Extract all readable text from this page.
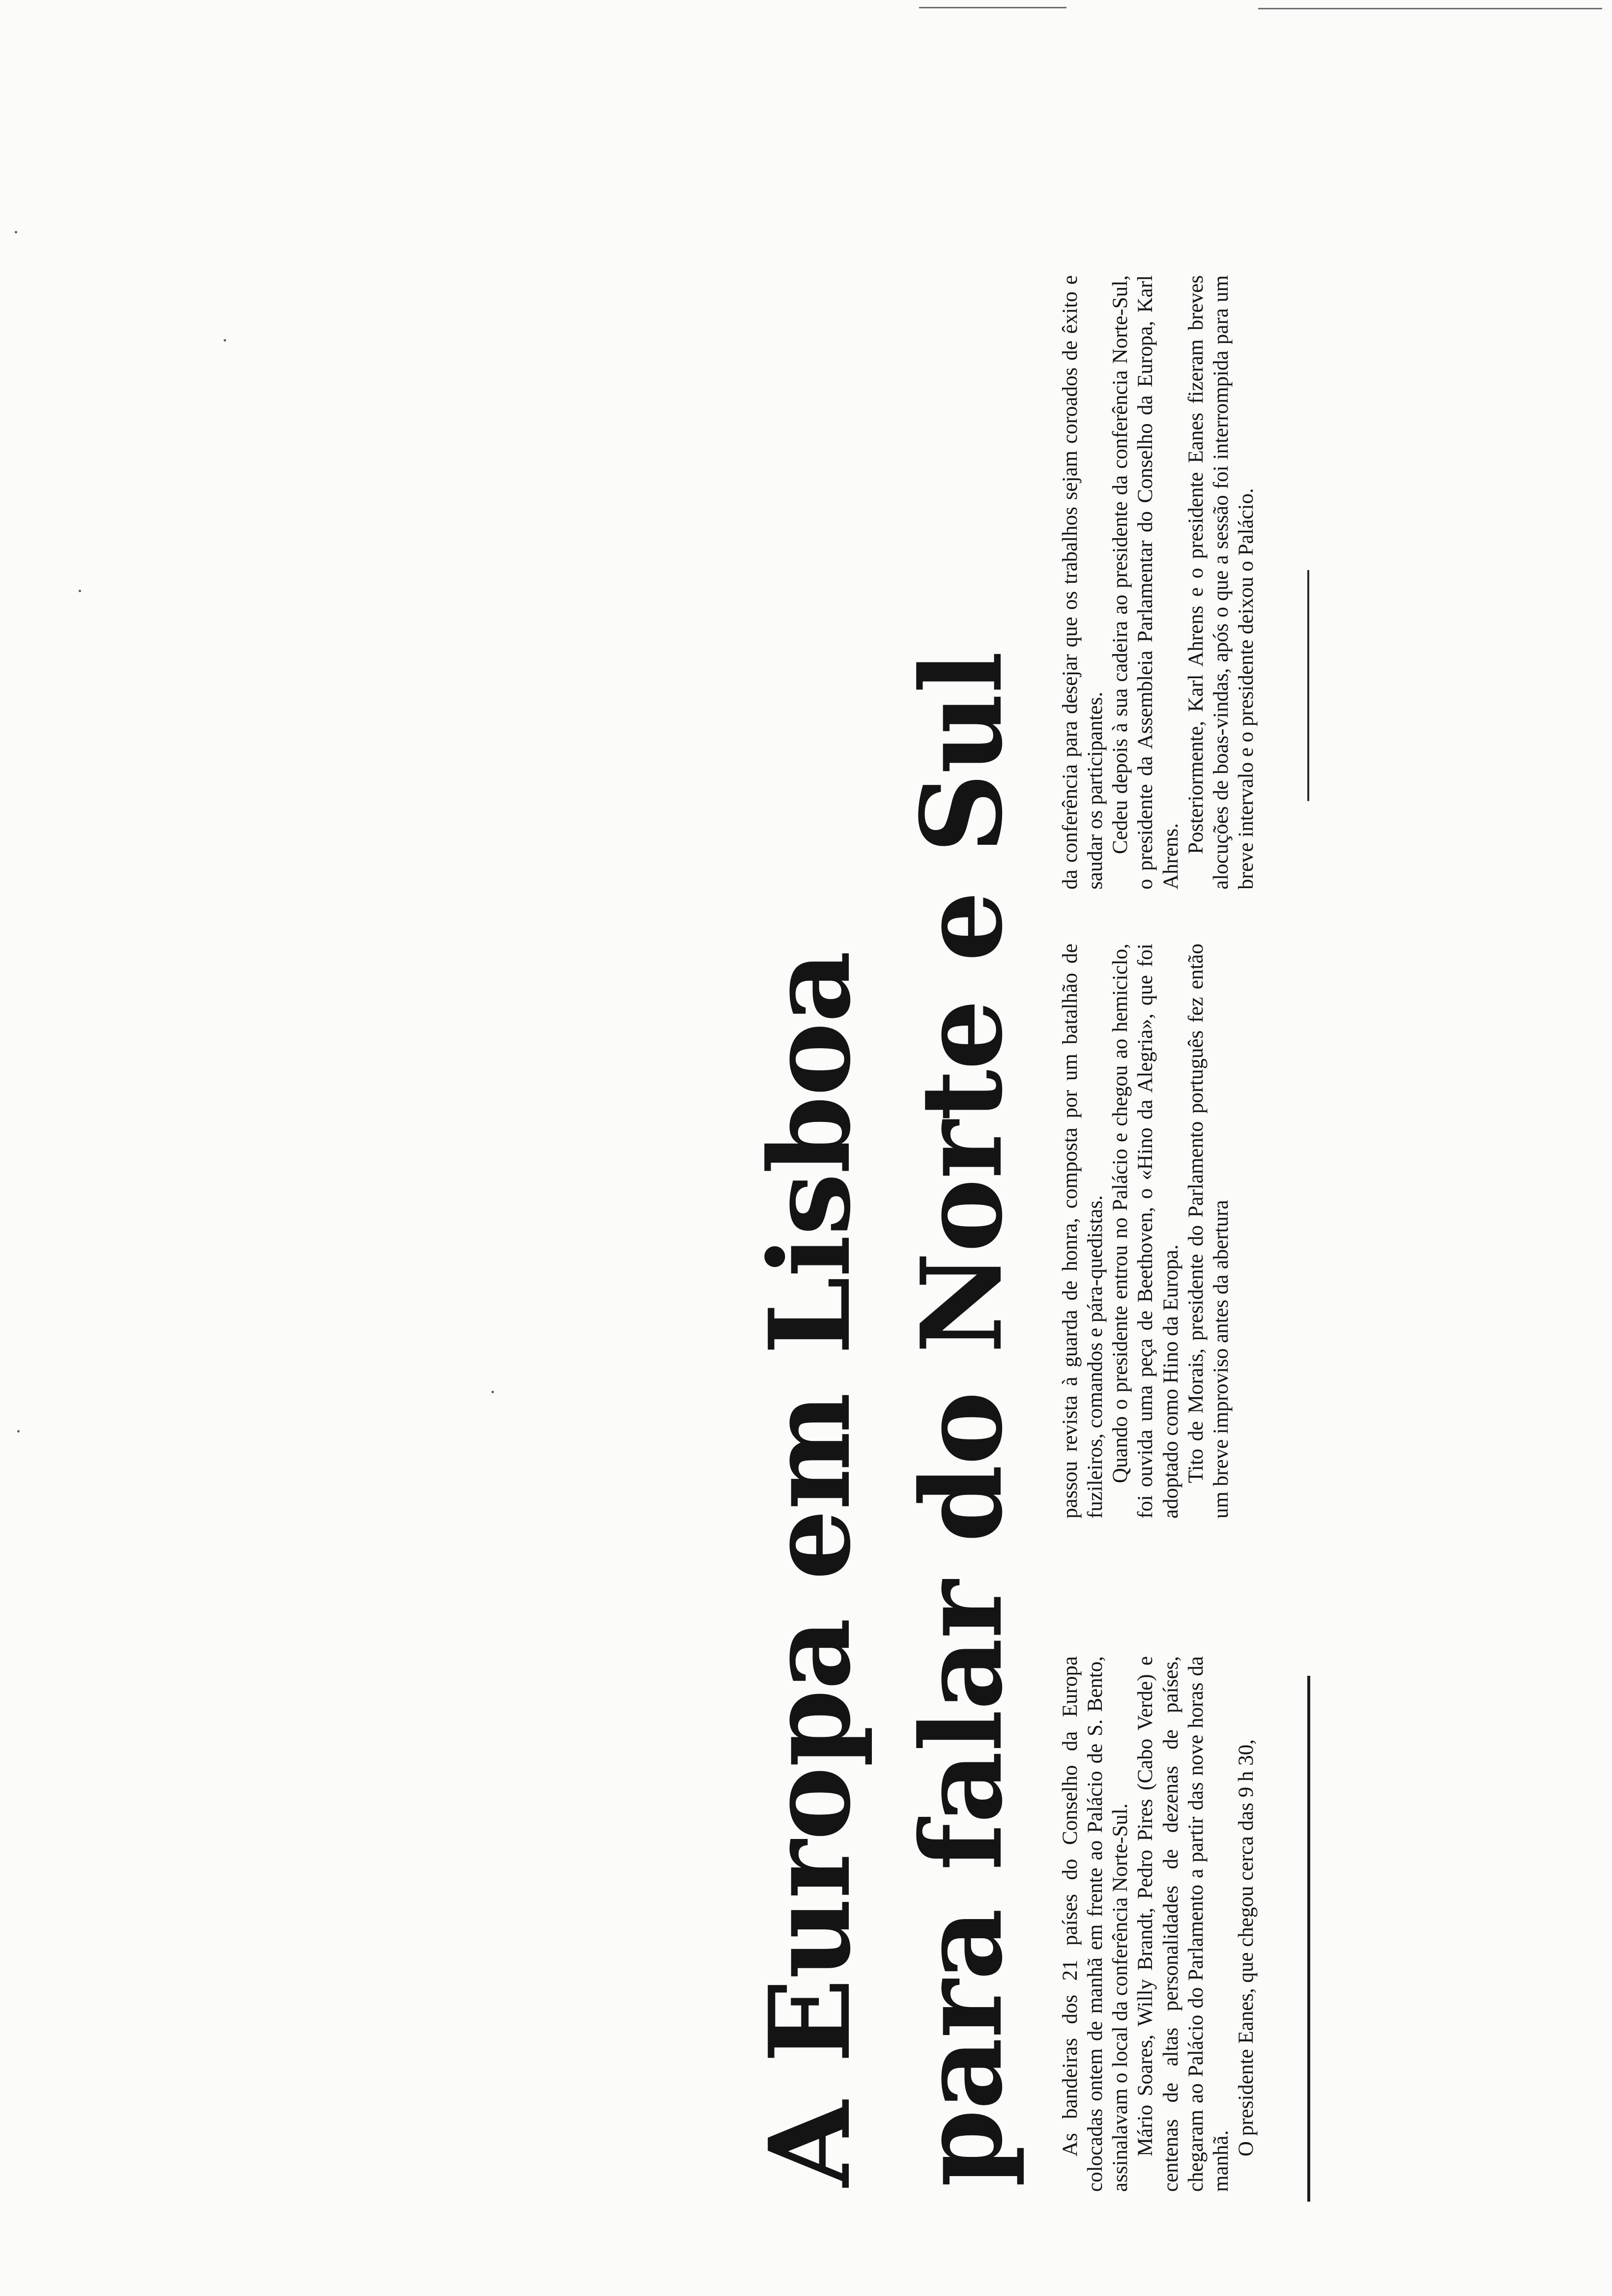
A Europa em Lisboa para falar do Norte e Sul As bandeiras dos 21 países do Conselho da Europa colocadas ontem de manhã em frente ao Palácio de S. Bento, assinalavam o local da conferência Norte-Sul. Mário Soares, Willy Brandt, Pedro Pires (Cabo Verde) e centenas de altas personalidades de dezenas de países, chegaram ao Palácio do Parlamento a partir das nove horas da manhã.

O presidente Eanes, que chegou cerca das 9 h 30,

passou revista à guarda de honra, composta por um batalhão de fuzileiros, comandos e pára-quedistas. Quando o presidente entrou no Palácio e chegou ao hemiciclo, foi ouvida uma peça de Beethoven, o «Hino da Alegria», que foi adoptado como Hino da Europa. Tito de Morais, presidente do Parlamento português fez então um breve improviso antes da abertura

da conferência para desejar que os trabalhos sejam coroados de êxito e saudar os participantes. Cedeu depois à sua cadeira ao presidente da conferência Norte-Sul, o presidente da Assembleia Parlamentar do Conselho da Europa, Karl Ahrens.

Posteriormente, Karl Ahrens e o presidente Eanes fizeram breves alocuções de boas-vindas, após o que a sessão foi interrompida para um breve intervalo e o presidente deixou o Palácio.
